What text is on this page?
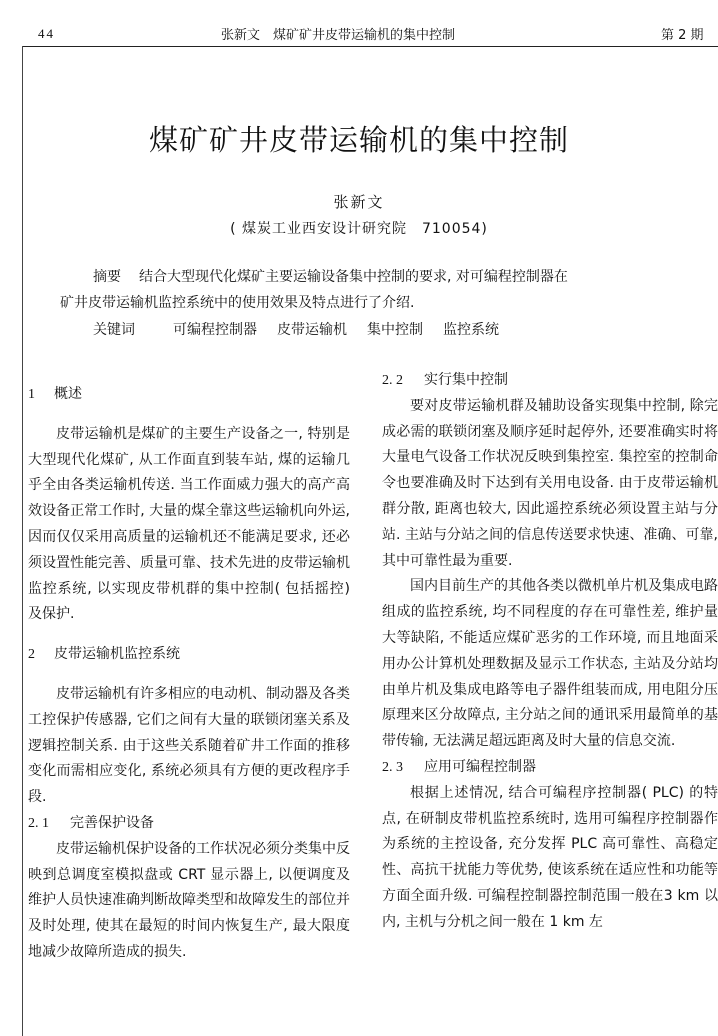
44	张新文　煤矿矿井皮带运输机的集中控制	第 2 期
煤矿矿井皮带运输机的集中控制
张新文
( 煤炭工业西安设计研究院　710054)
摘要 结合大型现代化煤矿主要运输设备集中控制的要求, 对可编程控制器在
矿井皮带运输机监控系统中的使用效果及特点进行了介绍.
关键词	可编程控制器 皮带运输机 集中控制 监控系统
1 概述

皮带运输机是煤矿的主要生产设备之一, 特别是大型现代化煤矿, 从工作面直到装车站, 煤的运输几乎全由各类运输机传送. 当工作面威力强大的高产高效设备正常工作时, 大量的煤全靠这些运输机向外运, 因而仅仅采用高质量的运输机还不能满足要求, 还必须设置性能完善、质量可靠、技术先进的皮带运输机监控系统, 以实现皮带机群的集中控制( 包括摇控) 及保护.

2 皮带运输机监控系统

皮带运输机有许多相应的电动机、制动器及各类工控保护传感器, 它们之间有大量的联锁闭塞关系及逻辑控制关系. 由于这些关系随着矿井工作面的推移变化而需相应变化, 系统必须具有方便的更改程序手段.

2. 1 完善保护设备

皮带运输机保护设备的工作状况必须分类集中反映到总调度室模拟盘或 CRT 显示器上, 以便调度及维护人员快速准确判断故障类型和故障发生的部位并及时处理, 使其在最短的时间内恢复生产, 最大限度地减少故障所造成的损失.

2. 2 实行集中控制

要对皮带运输机群及辅助设备实现集中控制, 除完成必需的联锁闭塞及顺序延时起停外, 还要准确实时将大量电气设备工作状况反映到集控室. 集控室的控制命令也要准确及时下达到有关用电设备. 由于皮带运输机群分散, 距离也较大, 因此遥控系统必须设置主站与分站. 主站与分站之间的信息传送要求快速、准确、可靠, 其中可靠性最为重要.

国内目前生产的其他各类以微机单片机及集成电路组成的监控系统, 均不同程度的存在可靠性差, 维护量大等缺陷, 不能适应煤矿恶劣的工作环境, 而且地面采用办公计算机处理数据及显示工作状态, 主站及分站均由单片机及集成电路等电子器件组装而成, 用电阻分压原理来区分故障点, 主分站之间的通讯采用最简单的基带传输, 无法满足超远距离及时大量的信息交流.

2. 3 应用可编程控制器

根据上述情况, 结合可编程序控制器( PLC) 的特点, 在研制皮带机监控系统时, 选用可编程序控制器作为系统的主控设备, 充分发挥 PLC 高可靠性、高稳定性、高抗干扰能力等优势, 使该系统在适应性和功能等方面全面升级. 可编程控制器控制范围一般在3 km 以内, 主机与分机之间一般在 1 km 左
